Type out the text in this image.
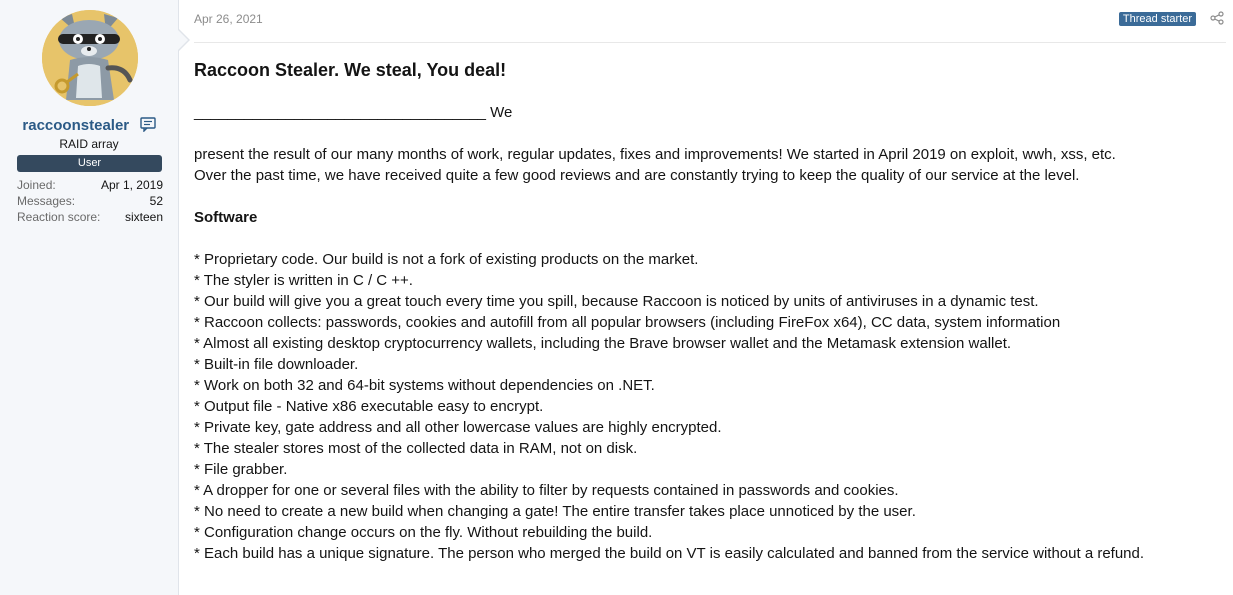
raccoonstealer
RAID array
User
Joined:	Apr 1, 2019
Messages:	52
Reaction score: sixteen
Apr 26, 2021	Thread starter
Raccoon Stealer. We steal, You deal!

___________________________________ We

present the result of our many months of work, regular updates, fixes and improvements! We started in April 2019 on exploit, wwh, xss, etc.

Over the past time, we have received quite a few good reviews and are constantly trying to keep the quality of our service at the level.

Software

* Proprietary code. Our build is not a fork of existing products on the market.

* The styler is written in C / C ++.

* Our build will give you a great touch every time you spill, because Raccoon is noticed by units of antiviruses in a dynamic test.

* Raccoon collects: passwords, cookies and autofill from all popular browsers (including FireFox x64), CC data, system information

* Almost all existing desktop cryptocurrency wallets, including the Brave browser wallet and the Metamask extension wallet.

* Built-in file downloader.

* Work on both 32 and 64-bit systems without dependencies on .NET.

* Output file - Native x86 executable easy to encrypt.

* Private key, gate address and all other lowercase values are highly encrypted.

* The stealer stores most of the collected data in RAM, not on disk.

* File grabber.

* A dropper for one or several files with the ability to filter by requests contained in passwords and cookies.

* No need to create a new build when changing a gate! The entire transfer takes place unnoticed by the user.

* Configuration change occurs on the fly. Without rebuilding the build.

* Each build has a unique signature. The person who merged the build on VT is easily calculated and banned from the service without a refund.
